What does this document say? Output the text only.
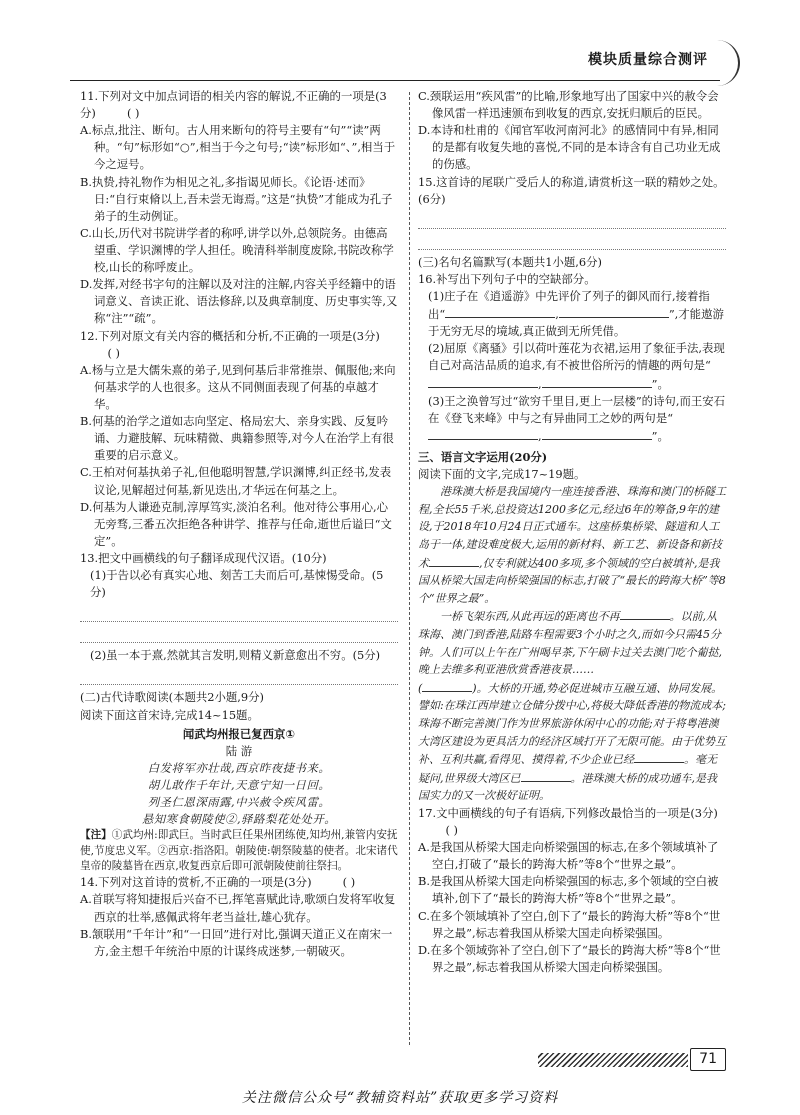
模块质量综合测评

11.下列对文中加点词语的相关内容的解说,不正确的一项是(3分)	( )

A.标点,批注、断句。古人用来断句的符号主要有“句”“读”两种。“句”标形如“○”,相当于今之句号;“读”标形如“、”,相当于今之逗号。

B.执贽,持礼物作为相见之礼,多指谒见师长。《论语·述而》日:“自行束脩以上,吾未尝无诲焉。”这是“执贽”才能成为孔子弟子的生动例证。

C.山长,历代对书院讲学者的称呼,讲学以外,总领院务。由德高望重、学识渊博的学人担任。晚清科举制度废除,书院改称学校,山长的称呼废止。

D.发挥,对经书字句的注解以及对注的注解,内容关乎经籍中的语词意义、音读正讹、语法修辞,以及典章制度、历史事实等,又称“注”“疏”。

12.下列对原文有关内容的概括和分析,不正确的一项是(3分) ( )

A.杨与立是大儒朱熹的弟子,见到何基后非常推崇、佩服他;来向何基求学的人也很多。这从不同侧面表现了何基的卓越才华。

B.何基的治学之道如志向坚定、格局宏大、亲身实践、反复吟诵、力避肢解、玩味精微、典籍参照等,对今人在治学上有很重要的启示意义。

C.王柏对何基执弟子礼,但他聪明智慧,学识渊博,纠正经书,发表议论,见解超过何基,新见迭出,才华远在何基之上。

D.何基为人谦逊克制,淳厚笃实,淡泊名利。他对待公事用心,心无旁骛,三番五次拒绝各种讲学、推荐与任命,逝世后谥曰“文定”。

13.把文中画横线的句子翻译成现代汉语。(10分)

(1)于告以必有真实心地、刻苦工夫而后可,基悚惕受命。(5分)

(2)虽一本于熹,然就其言发明,则精义新意愈出不穷。(5分)

(二)古代诗歌阅读(本题共2小题,9分)

阅读下面这首宋诗,完成14~15题。

闻武均州报已复西京①

陆 游

白发将军亦壮哉,西京昨夜捷书来。

胡儿敢作千年计,天意宁知一日回。

列圣仁恩深雨露,中兴赦令疾风雷。

悬知寒食朝陵使②,驿路梨花处处开。

【注】①武均州:即武巨。当时武巨任果州团练使,知均州,兼管内安抚使,节度忠义军。②西京:指洛阳。朝陵使:朝祭陵墓的使者。北宋诸代皇帝的陵墓皆在西京,收复西京后即可派朝陵使前往祭扫。

14.下列对这首诗的赏析,不正确的一项是(3分)	( )

A.首联写将知捷报后兴奋不已,挥笔喜赋此诗,歌颂白发将军收复西京的壮举,感佩武将年老当益壮,雄心犹存。

B.颔联用“千年计”和“一日回”进行对比,强调天道正义在南宋一方,金主想千年统治中原的计谋终成迷梦,一朝破灭。

C.颈联运用“疾风雷”的比喻,形象地写出了国家中兴的赦令会像风雷一样迅速颁布到收复的西京,安抚归顺后的臣民。

D.本诗和杜甫的《闻官军收河南河北》的感情同中有异,相同的是都有收复失地的喜悦,不同的是本诗含有自己功业无成的伤感。

15.这首诗的尾联广受后人的称道,请赏析这一联的精妙之处。(6分)

(三)名句名篇默写(本题共1小题,6分)

16.补写出下列句子中的空缺部分。

(1)庄子在《逍遥游》中先评价了列子的御风而行,接着指出“	,	”,才能遨游于无穷无尽的境域,真正做到无所凭借。

(2)屈原《离骚》引以荷叶莲花为衣裙,运用了象征手法,表现自己对高洁品质的追求,有不被世俗所污的情趣的两句是“,	”。

(3)王之涣曾写过“欲穷千里目,更上一层楼”的诗句,而王安石在《登飞来峰》中与之有异曲同工之妙的两句是“,	”。

三、语言文字运用(20分)

阅读下面的文字,完成17~19题。

港珠澳大桥是我国境内一座连接香港、珠海和澳门的桥隧工程,全长55千米,总投资达1200多亿元,经过6年的筹备,9年的建设,于2018年10月24日正式通车。这座桥集桥梁、隧道和人工岛于一体,建设难度极大,运用的新材料、新工艺、新设备和新技术	,仅专利就达400多项,多个领域的空白被填补,是我国从桥梁大国走向桥梁强国的标志,打破了“最长的跨海大桥”等8个“世界之最”。

一桥飞架东西,从此再远的距离也不再	。以前,从珠海、澳门到香港,陆路车程需要3个小时之久,而如今只需45分钟。人们可以上午在广州喝早茶,下午刷卡过关去澳门吃个葡挞,晚上去维多利亚港欣赏香港夜景……

(	)。大桥的开通,势必促进城市互融互通、协同发展。譬如:在珠江西岸建立仓储分拨中心,将极大降低香港的物流成本;珠海不断完善澳门作为世界旅游休闲中心的功能;对于将粤港澳大湾区建设为更具活力的经济区域打开了无限可能。由于优势互补、互利共赢,看得见、摸得着,不少企业已经	。毫无疑问,世界级大湾区已	。港珠澳大桥的成功通车,是我国实力的又一次极好证明。

17.文中画横线的句子有语病,下列修改最恰当的一项是(3分) ( )

A.是我国从桥梁大国走向桥梁强国的标志,在多个领域填补了空白,打破了“最长的跨海大桥”等8个“世界之最”。

B.是我国从桥梁大国走向桥梁强国的标志,多个领域的空白被填补,创下了“最长的跨海大桥”等8个“世界之最”。

C.在多个领域填补了空白,创下了“最长的跨海大桥”等8个“世界之最”,标志着我国从桥梁大国走向桥梁强国。

D.在多个领域弥补了空白,创下了“最长的跨海大桥”等8个“世界之最”,标志着我国从桥梁大国走向桥梁强国。

71
关注微信公众号“教辅资料站”获取更多学习资料
